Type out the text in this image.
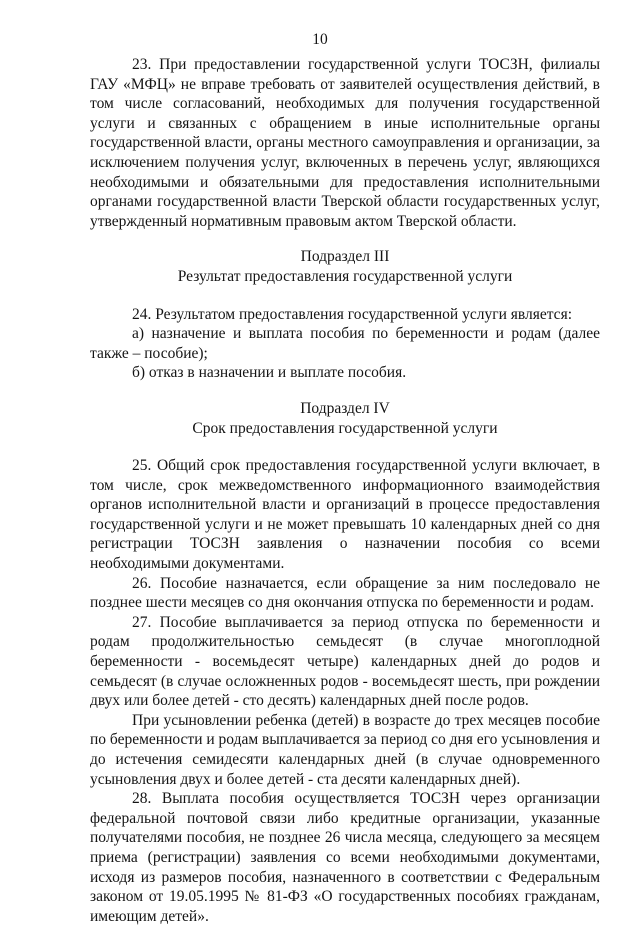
10

23. При предоставлении государственной услуги ТОСЗН, филиалы ГАУ «МФЦ» не вправе требовать от заявителей осуществления действий, в том числе согласований, необходимых для получения государственной услуги и связанных с обращением в иные исполнительные органы государственной власти, органы местного самоуправления и организации, за исключением получения услуг, включенных в перечень услуг, являющихся необходимыми и обязательными для предоставления исполнительными органами государственной власти Тверской области государственных услуг, утвержденный нормативным правовым актом Тверской области.

Подраздел III

Результат предоставления государственной услуги

24. Результатом предоставления государственной услуги является:

а) назначение и выплата пособия по беременности и родам (далее также – пособие);

б) отказ в назначении и выплате пособия.

Подраздел IV

Срок предоставления государственной услуги

25. Общий срок предоставления государственной услуги включает, в том числе, срок межведомственного информационного взаимодействия органов исполнительной власти и организаций в процессе предоставления государственной услуги и не может превышать 10 календарных дней со дня регистрации ТОСЗН заявления о назначении пособия со всеми необходимыми документами.

26. Пособие назначается, если обращение за ним последовало не позднее шести месяцев со дня окончания отпуска по беременности и родам.

27. Пособие выплачивается за период отпуска по беременности и родам продолжительностью семьдесят (в случае многоплодной беременности - восемьдесят четыре) календарных дней до родов и семьдесят (в случае осложненных родов - восемьдесят шесть, при рождении двух или более детей - сто десять) календарных дней после родов.

При усыновлении ребенка (детей) в возрасте до трех месяцев пособие по беременности и родам выплачивается за период со дня его усыновления и до истечения семидесяти календарных дней (в случае одновременного усыновления двух и более детей - ста десяти календарных дней).

28. Выплата пособия осуществляется ТОСЗН через организации федеральной почтовой связи либо кредитные организации, указанные получателями пособия, не позднее 26 числа месяца, следующего за месяцем приема (регистрации) заявления со всеми необходимыми документами, исходя из размеров пособия, назначенного в соответствии с Федеральным законом от 19.05.1995 № 81-ФЗ «О государственных пособиях гражданам, имеющим детей».
